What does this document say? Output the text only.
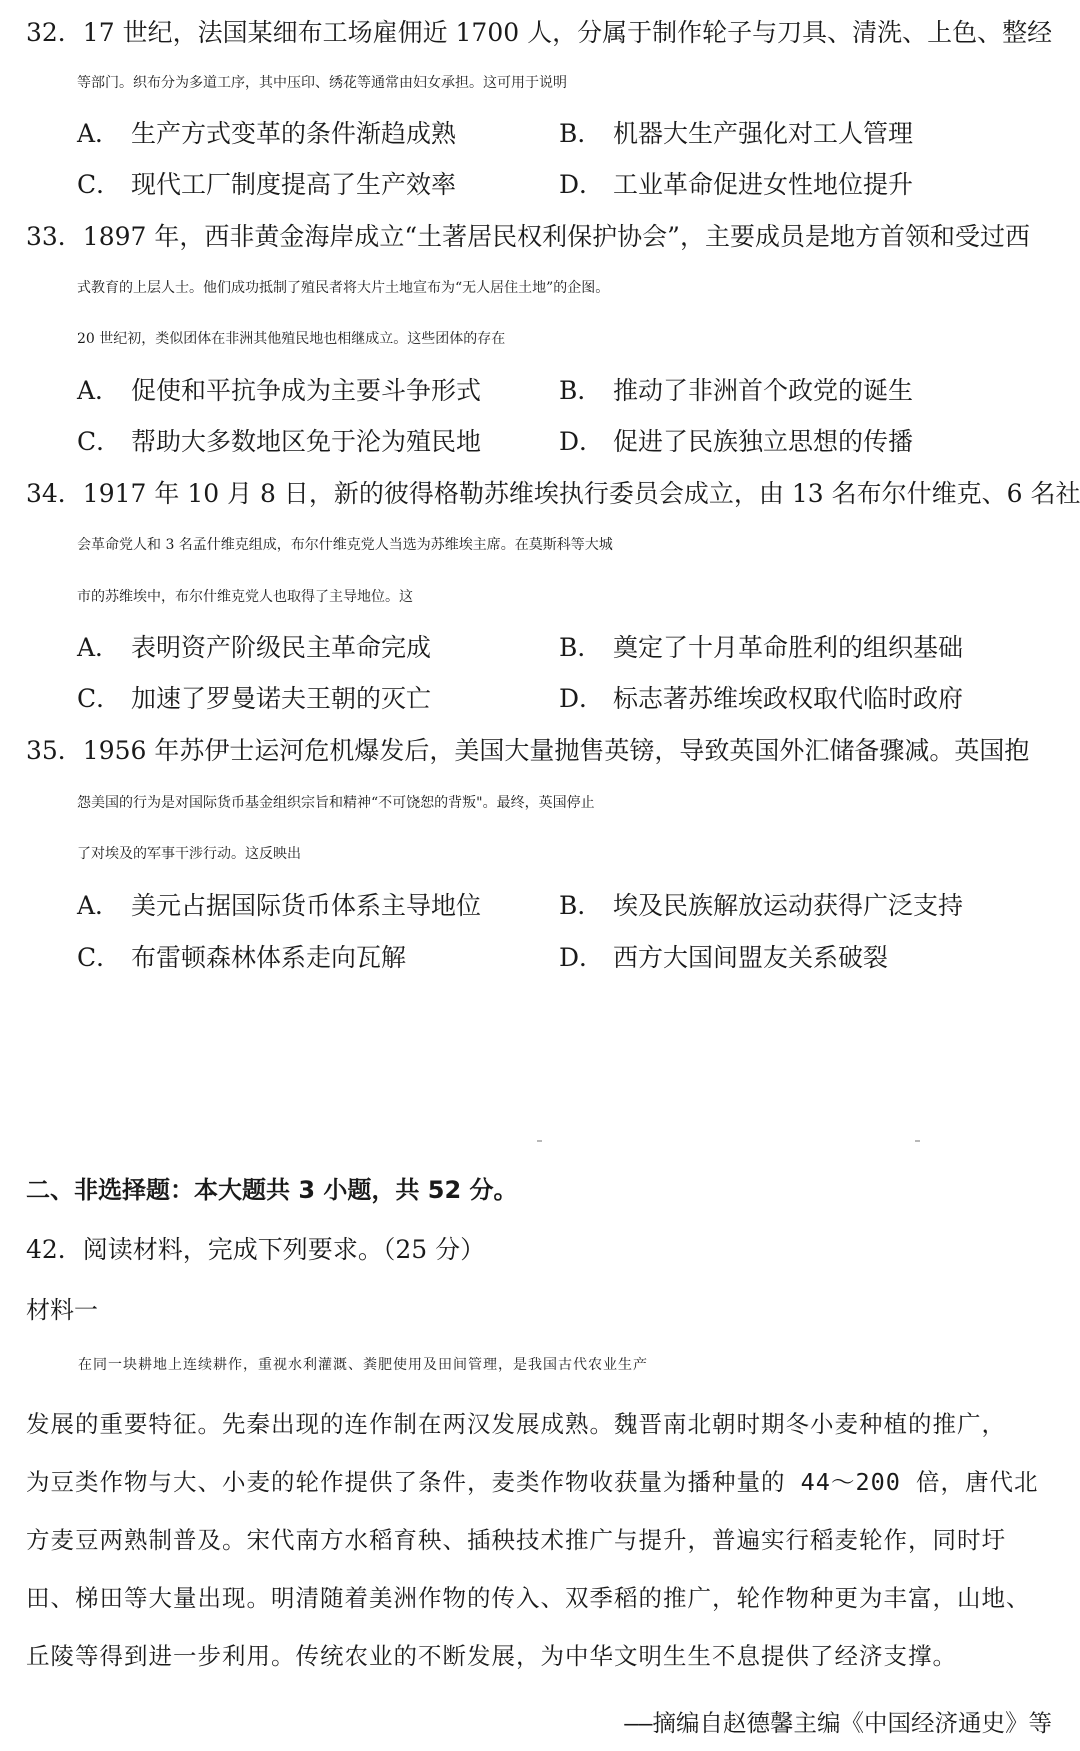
32．17 世纪，法国某细布工场雇佣近 1700 人，分属于制作轮子与刀具、清洗、上色、整经
等部门。织布分为多道工序，其中压印、绣花等通常由妇女承担。这可用于说明
A． 生产方式变革的条件渐趋成熟	B． 机器大生产强化对工人管理
C． 现代工厂制度提高了生产效率	D． 工业革命促进女性地位提升
33．1897 年，西非黄金海岸成立“土著居民权利保护协会”，主要成员是地方首领和受过西
式教育的上层人士。他们成功抵制了殖民者将大片土地宣布为“无人居住土地”的企图。
20 世纪初，类似团体在非洲其他殖民地也相继成立。这些团体的存在
A． 促使和平抗争成为主要斗争形式	B． 推动了非洲首个政党的诞生
C． 帮助大多数地区免于沦为殖民地	D． 促进了民族独立思想的传播
34．1917 年 10 月 8 日，新的彼得格勒苏维埃执行委员会成立，由 13 名布尔什维克、6 名社
会革命党人和 3 名孟什维克组成，布尔什维克党人当选为苏维埃主席。在莫斯科等大城
市的苏维埃中，布尔什维克党人也取得了主导地位。这
A． 表明资产阶级民主革命完成	B． 奠定了十月革命胜利的组织基础
C． 加速了罗曼诺夫王朝的灭亡	D． 标志著苏维埃政权取代临时政府
35．1956 年苏伊士运河危机爆发后，美国大量抛售英镑，导致英国外汇储备骤减。英国抱
怨美国的行为是对国际货币基金组织宗旨和精神“不可饶恕的背叛"。最终，英国停止
了对埃及的军事干涉行动。这反映出
A． 美元占据国际货币体系主导地位	B． 埃及民族解放运动获得广泛支持
C． 布雷顿森林体系走向瓦解	D． 西方大国间盟友关系破裂
二、非选择题：本大题共 3 小题，共 52 分。
42．阅读材料，完成下列要求。（25 分）
材料一
在同一块耕地上连续耕作，重视水利灌溉、粪肥使用及田间管理，是我国古代农业生产
发展的重要特征。先秦出现的连作制在两汉发展成熟。魏晋南北朝时期冬小麦种植的推广，
为豆类作物与大、小麦的轮作提供了条件，麦类作物收获量为播种量的 44～200 倍，唐代北
方麦豆两熟制普及。宋代南方水稻育秧、插秧技术推广与提升，普遍实行稻麦轮作，同时圩
田、梯田等大量出现。明清随着美洲作物的传入、双季稻的推广，轮作物种更为丰富，山地、
丘陵等得到进一步利用。传统农业的不断发展，为中华文明生生不息提供了经济支撑。
——摘编自赵德馨主编《中国经济通史》等
